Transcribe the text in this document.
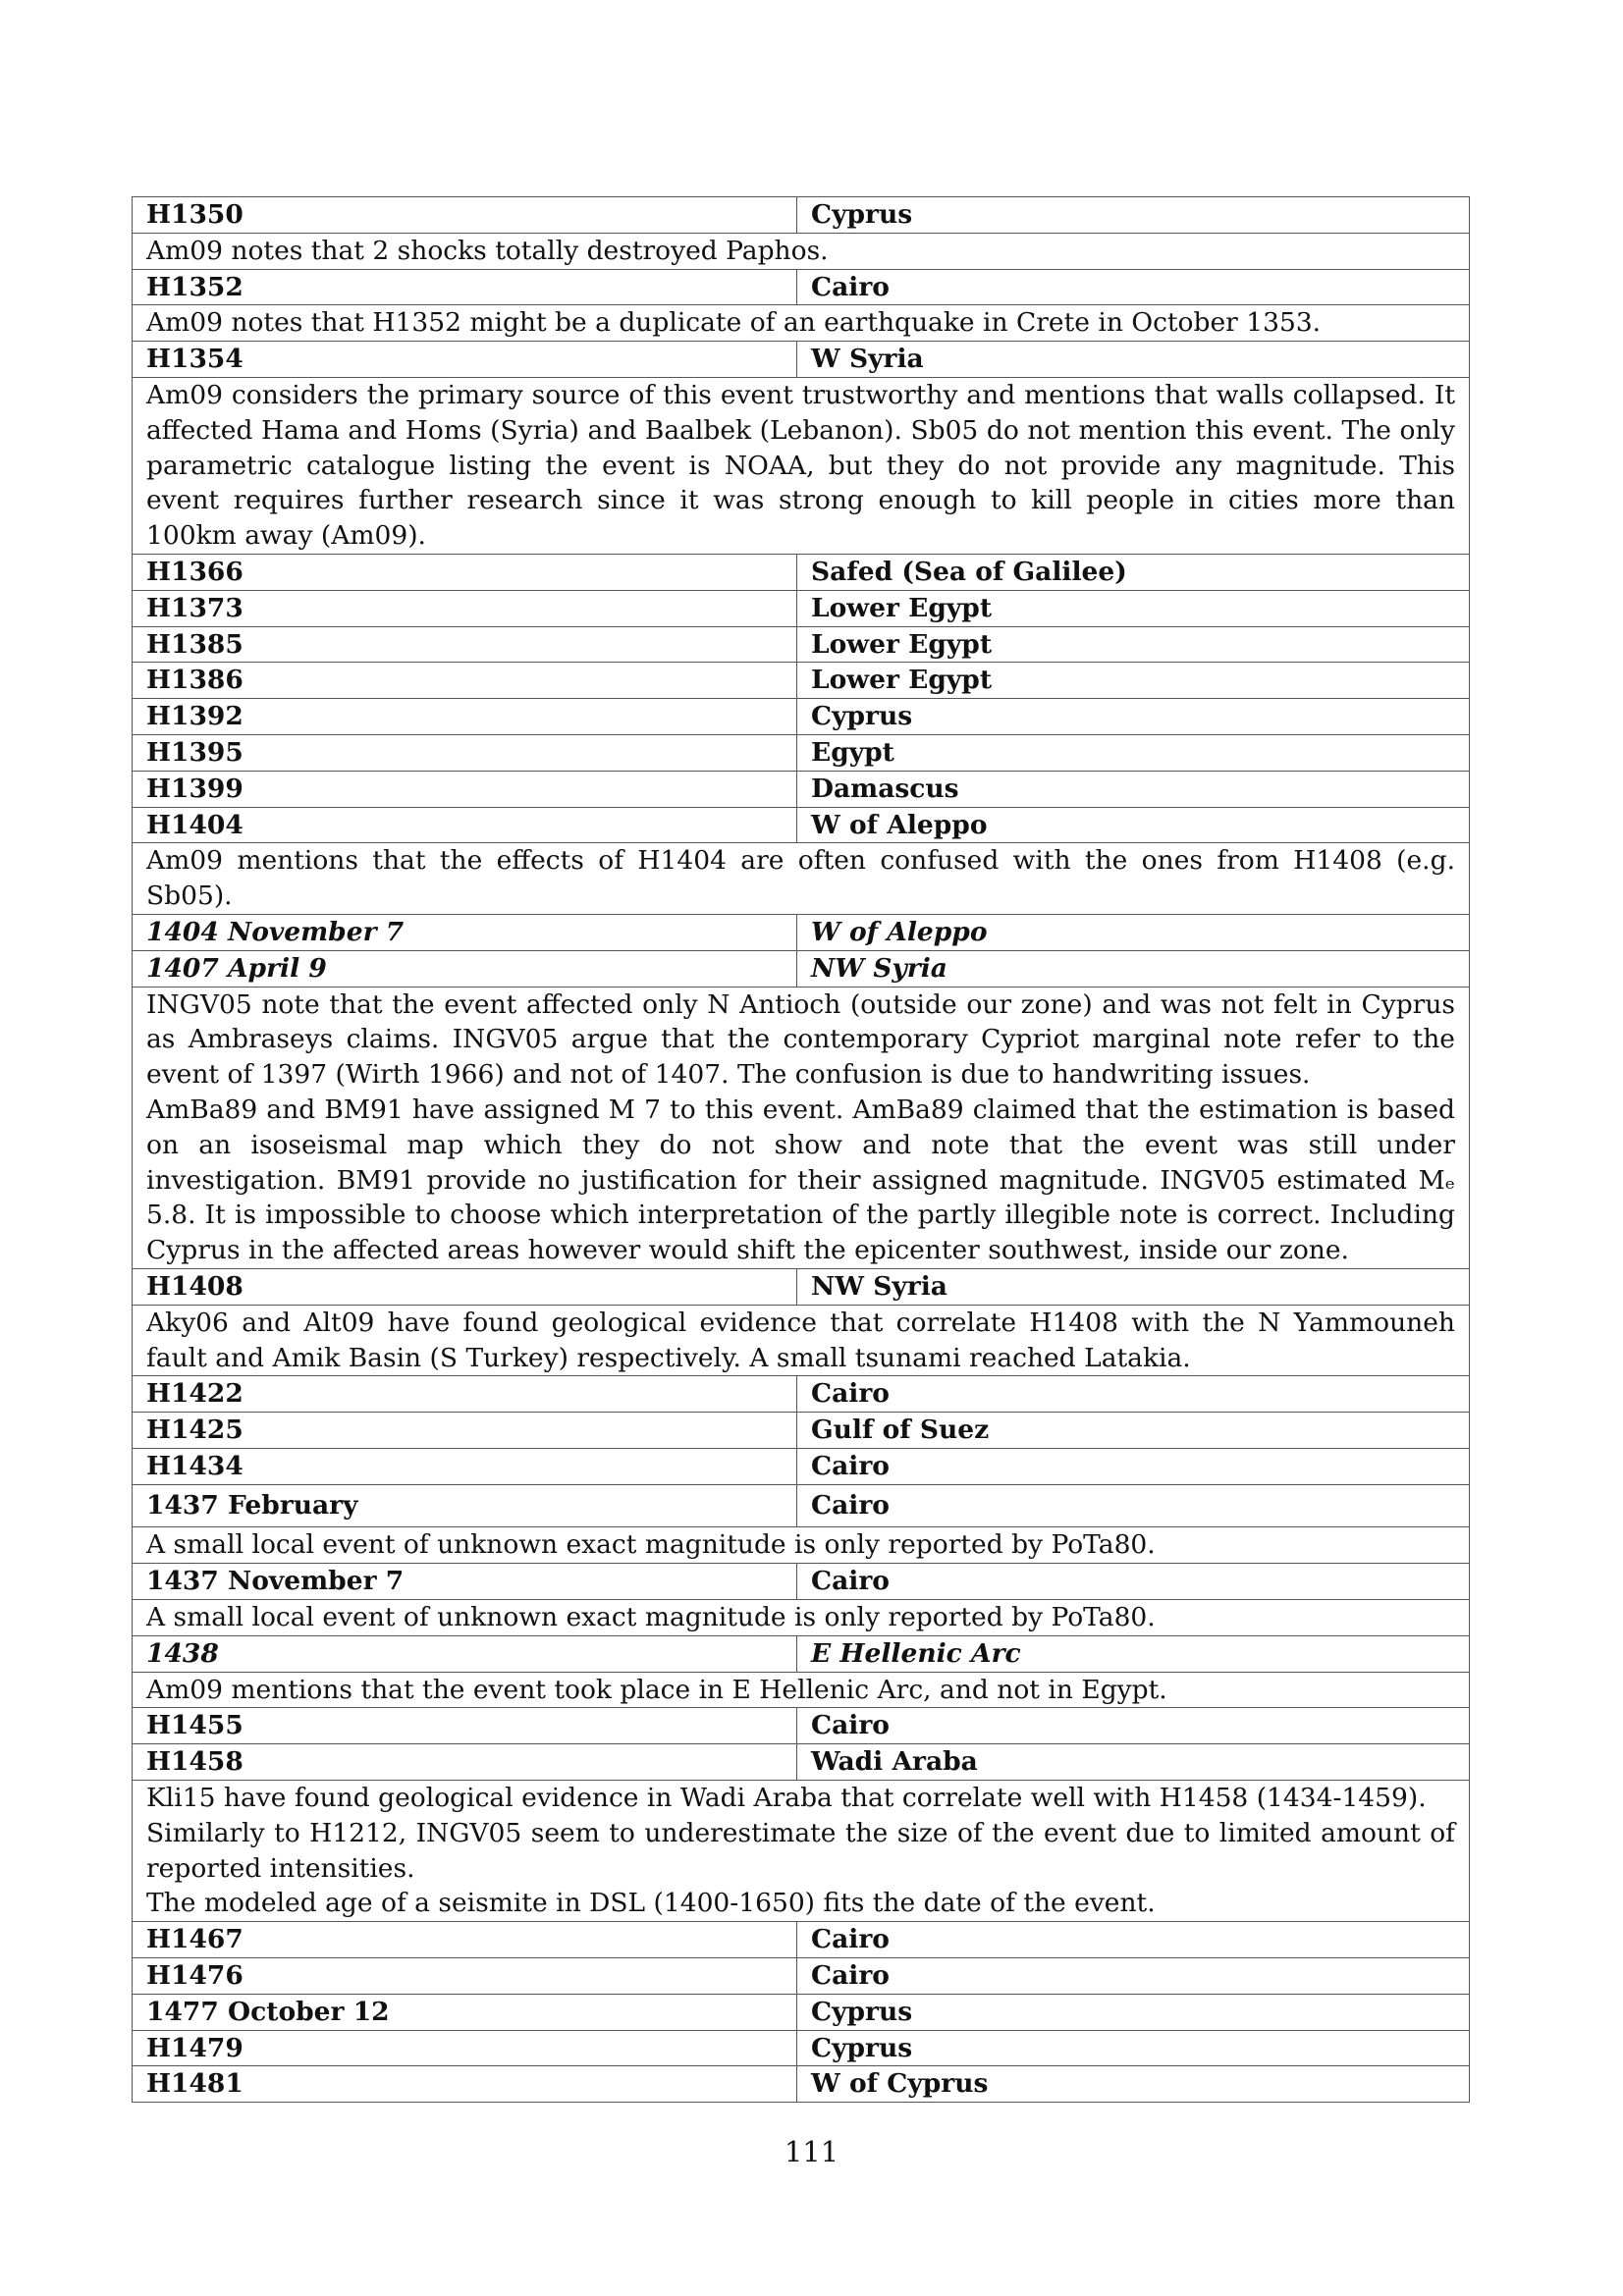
H1350	Cyprus

Am09 notes that 2 shocks totally destroyed Paphos.	

H1352	Cairo

Am09 notes that H1352 might be a duplicate of an earthquake in Crete in October 1353.	

H1354	W Syria

Am09 considers the primary source of this event trustworthy and mentions that walls collapsed. It affected Hama and Homs (Syria) and Baalbek (Lebanon). Sb05 do not mention this event. The only parametric catalogue listing the event is NOAA, but they do not provide any magnitude. This event requires further research since it was strong enough to kill people in cities more than 100km away (Am09).	

H1366	Safed (Sea of Galilee)
H1373	Lower Egypt
H1385	Lower Egypt
H1386	Lower Egypt
H1392	Cyprus
H1395	Egypt
H1399	Damascus
H1404	W of Aleppo

Am09 mentions that the effects of H1404 are often confused with the ones from H1408 (e.g. Sb05).	

1404 November 7	W of Aleppo
1407 April 9	NW Syria

INGV05 note that the event affected only N Antioch (outside our zone) and was not felt in Cyprus as Ambraseys claims. INGV05 argue that the contemporary Cypriot marginal note refer to the event of 1397 (Wirth 1966) and not of 1407. The confusion is due to handwriting issues.
AmBa89 and BM91 have assigned M 7 to this event. AmBa89 claimed that the estimation is based on an isoseismal map which they do not show and note that the event was still under investigation. BM91 provide no justification for their assigned magnitude. INGV05 estimated Mₑ 5.8. It is impossible to choose which interpretation of the partly illegible note is correct. Including Cyprus in the affected areas however would shift the epicenter southwest, inside our zone.	

H1408	NW Syria

Aky06 and Alt09 have found geological evidence that correlate H1408 with the N Yammouneh fault and Amik Basin (S Turkey) respectively. A small tsunami reached Latakia.	

H1422	Cairo
H1425	Gulf of Suez
H1434	Cairo
1437 February	Cairo

A small local event of unknown exact magnitude is only reported by PoTa80.	

1437 November 7	Cairo

A small local event of unknown exact magnitude is only reported by PoTa80.	

1438	E Hellenic Arc

Am09 mentions that the event took place in E Hellenic Arc, and not in Egypt.	

H1455	Cairo
H1458	Wadi Araba

Kli15 have found geological evidence in Wadi Araba that correlate well with H1458 (1434-1459).
Similarly to H1212, INGV05 seem to underestimate the size of the event due to limited amount of reported intensities.
The modeled age of a seismite in DSL (1400-1650) fits the date of the event.	

H1467	Cairo
H1476	Cairo
1477 October 12	Cyprus
H1479	Cyprus
H1481	W of Cyprus
111
